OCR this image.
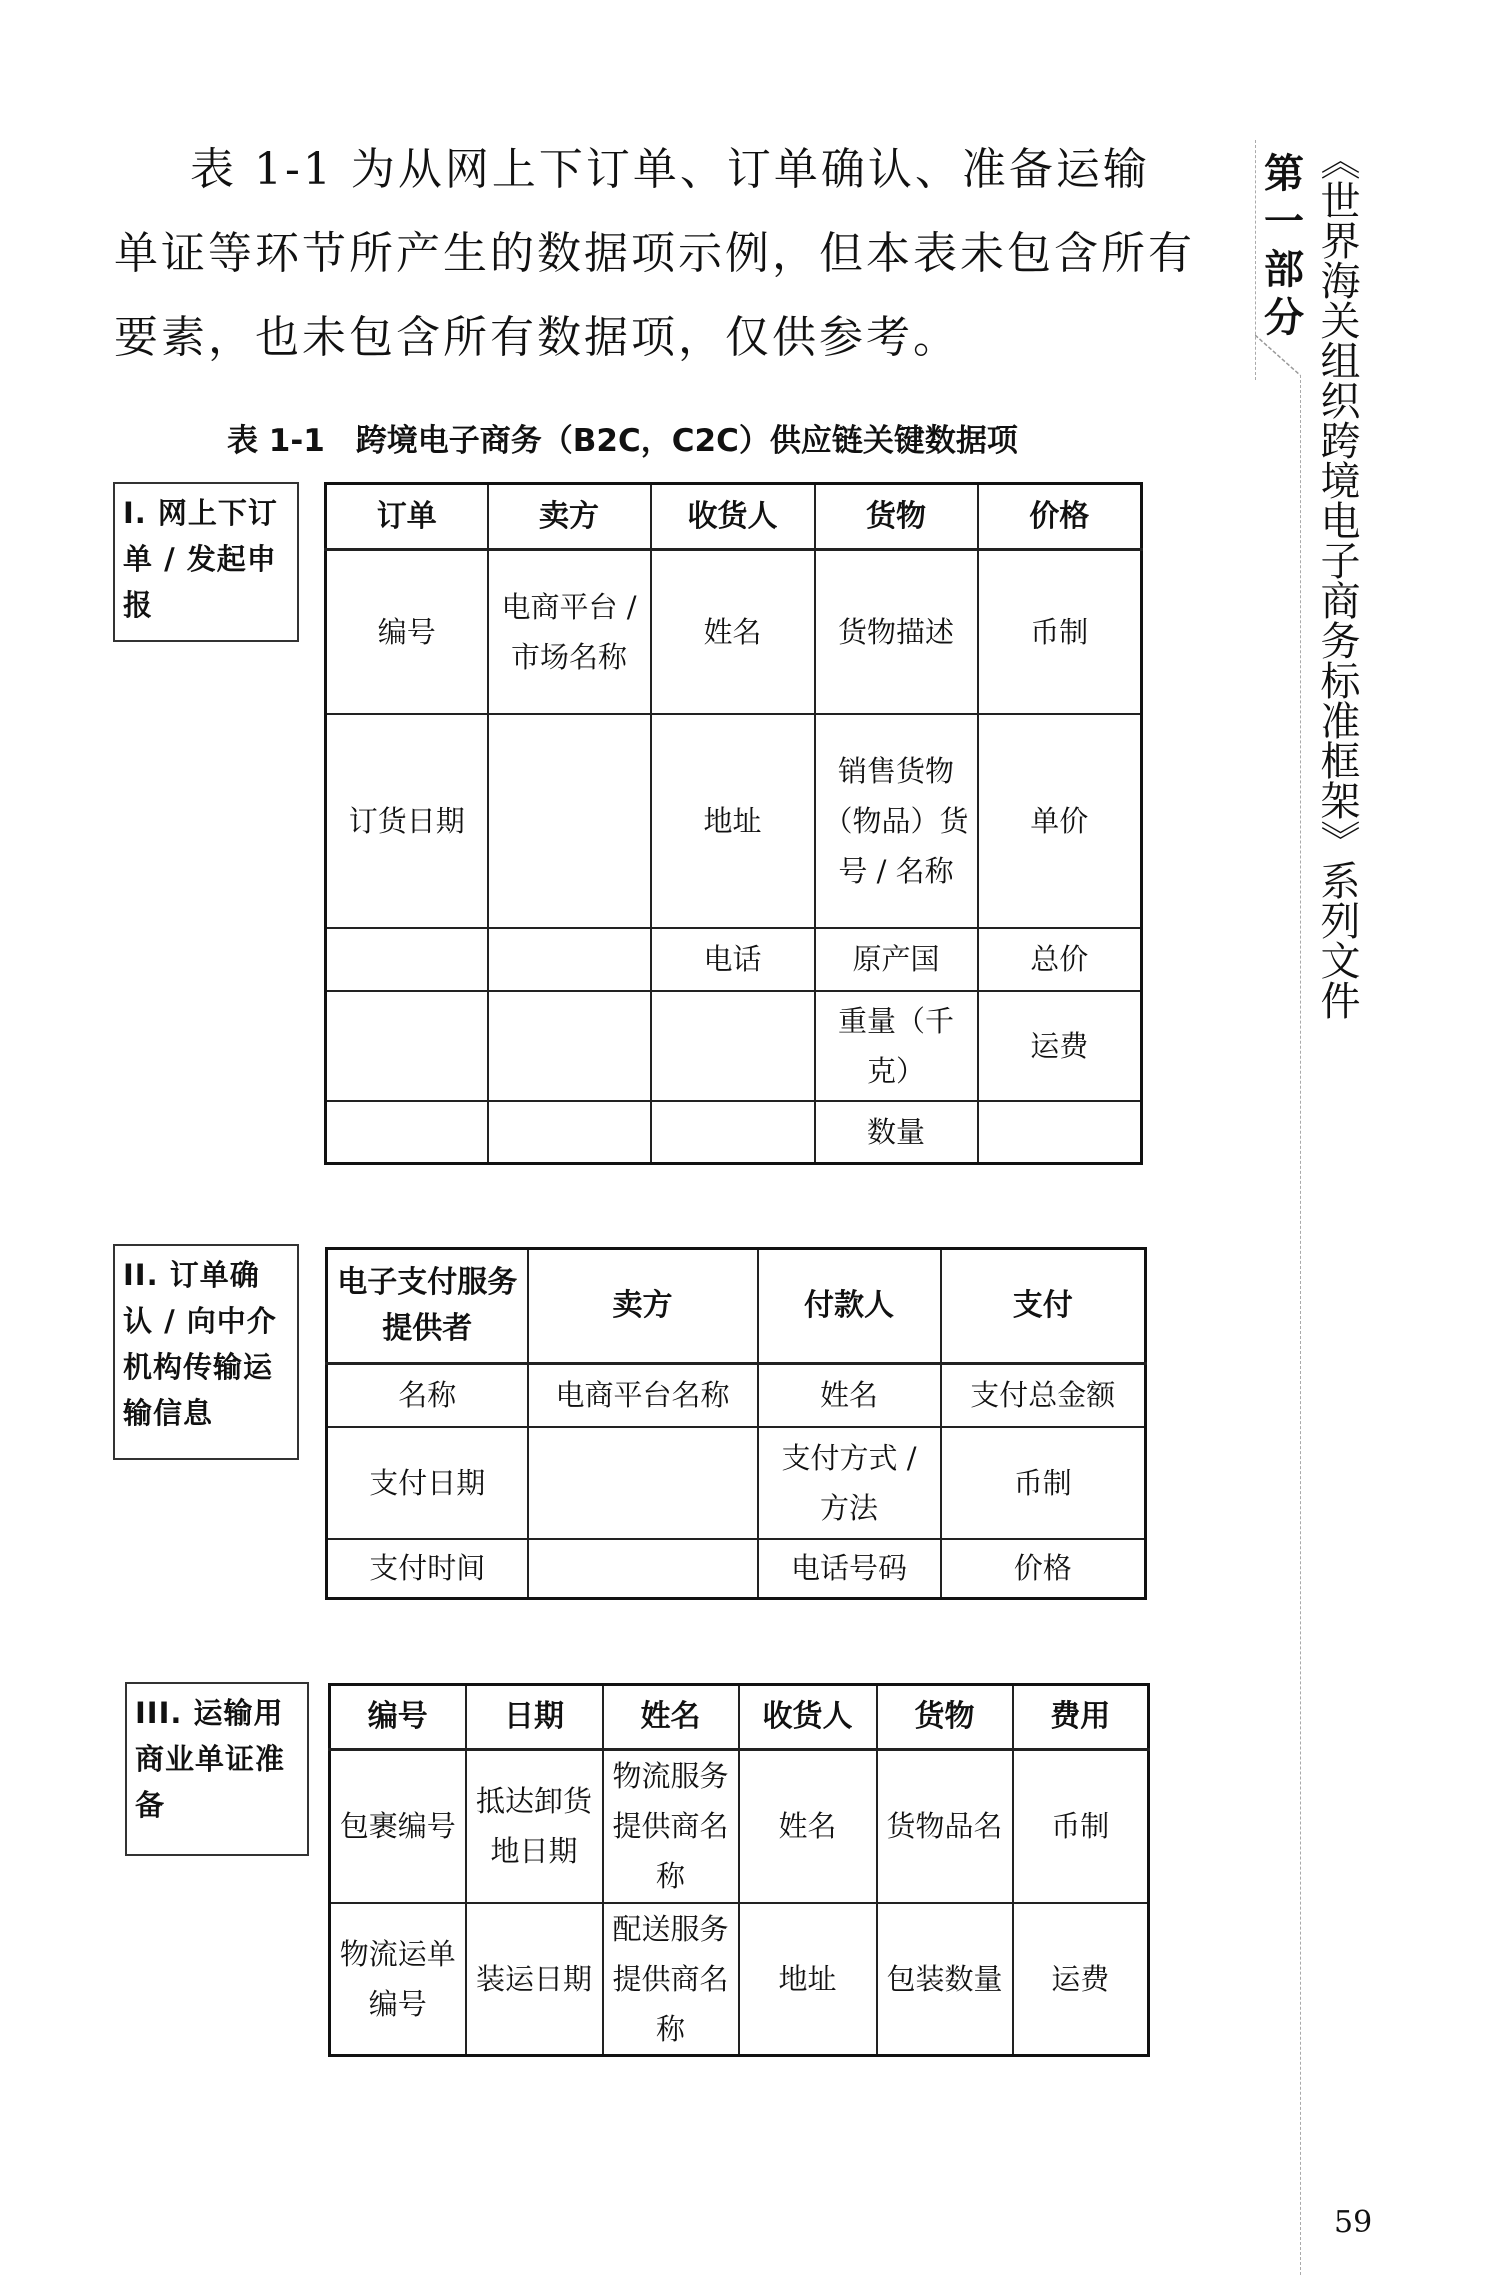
表 1-1 为从网上下订单、订单确认、准备运输
单证等环节所产生的数据项示例，但本表未包含所有
要素，也未包含所有数据项，仅供参考。
表 1-1　跨境电子商务（B2C，C2C）供应链关键数据项
I. 网上下订单 / 发起申报
订单	卖方	收货人	货物	价格
编号	电商平台 / 市场名称	姓名	货物描述	币制
订货日期		地址	销售货物（物品）货号 / 名称	单价
		电话	原产国	总价
			重量（千克）	运费
			数量	
II. 订单确认 / 向中介机构传输运输信息
电子支付服务提供者	卖方	付款人	支付
名称	电商平台名称	姓名	支付总金额
支付日期		支付方式 / 方法	币制
支付时间		电话号码	价格
III. 运输用商业单证准备
编号	日期	姓名	收货人	货物	费用
包裹编号	抵达卸货地日期	物流服务提供商名称	姓名	货物品名	币制
物流运单编号	装运日期	配送服务提供商名称	地址	包装数量	运费
第一部分 《世界海关组织跨境电子商务标准框架》系列文件
59
